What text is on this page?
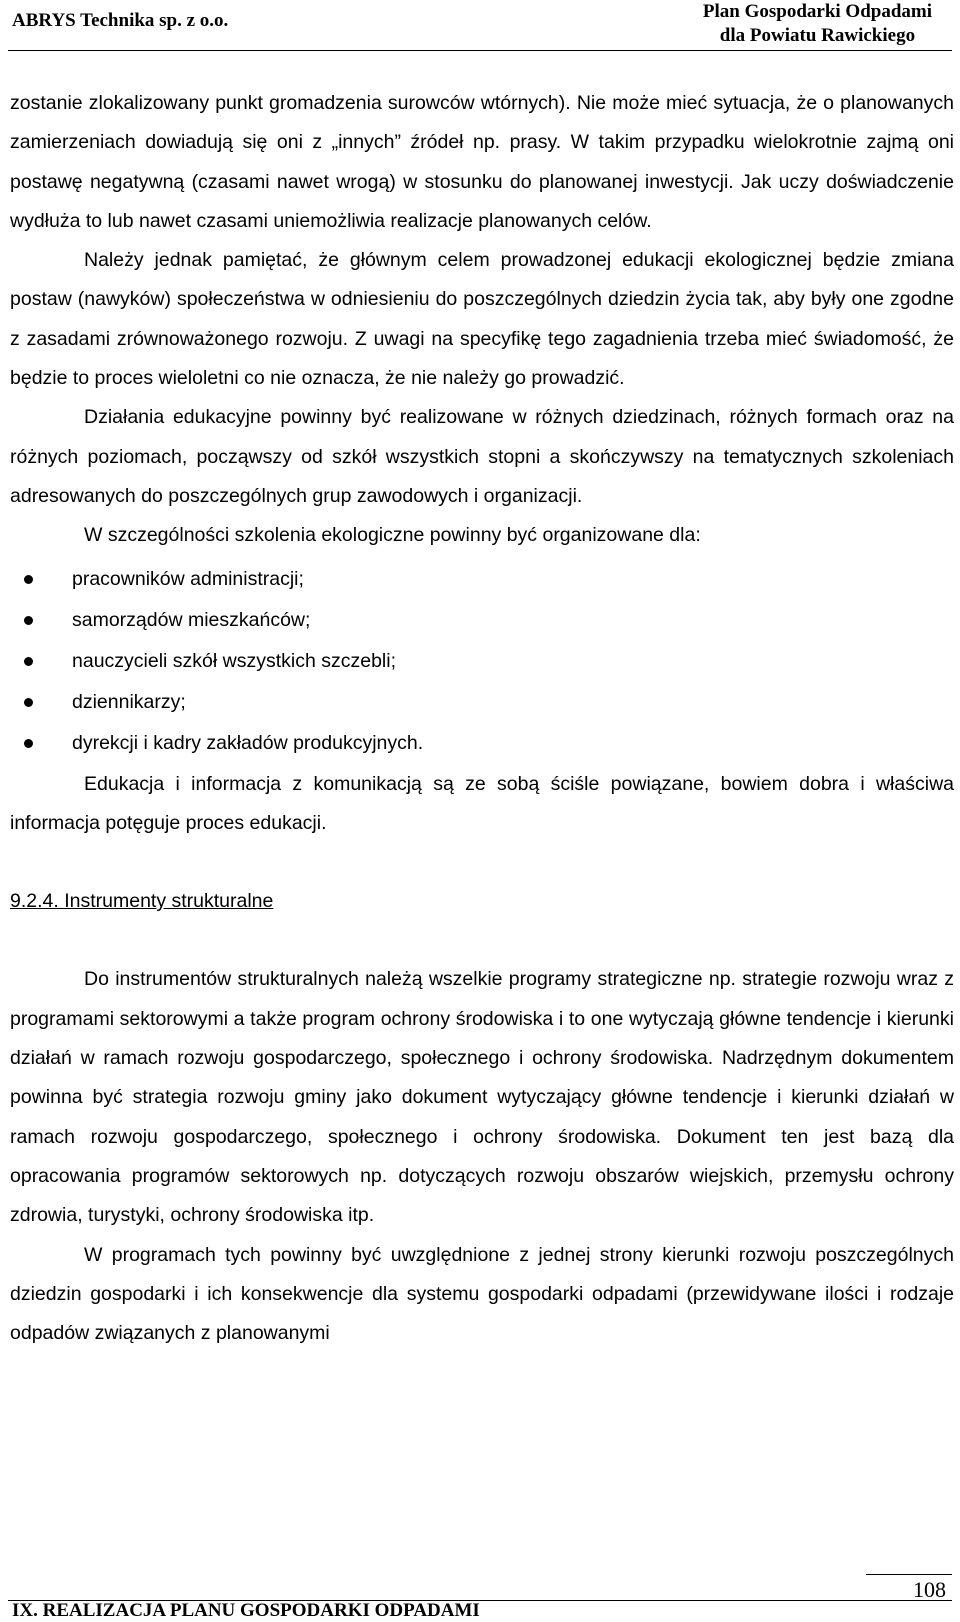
ABRYS Technika sp. z o.o.	Plan Gospodarki Odpadami
dla Powiatu Rawickiego

zostanie zlokalizowany punkt gromadzenia surowców wtórnych). Nie może mieć sytuacja, że o planowanych zamierzeniach dowiadują się oni z „innych” źródeł np. prasy. W takim przypadku wielokrotnie zajmą oni postawę negatywną (czasami nawet wrogą) w stosunku do planowanej inwestycji. Jak uczy doświadczenie wydłuża to lub nawet czasami uniemożliwia realizacje planowanych celów.

Należy jednak pamiętać, że głównym celem prowadzonej edukacji ekologicznej będzie zmiana postaw (nawyków) społeczeństwa w odniesieniu do poszczególnych dziedzin życia tak, aby były one zgodne z zasadami zrównoważonego rozwoju. Z uwagi na specyfikę tego zagadnienia trzeba mieć świadomość, że będzie to proces wieloletni co nie oznacza, że nie należy go prowadzić.

Działania edukacyjne powinny być realizowane w różnych dziedzinach, różnych formach oraz na różnych poziomach, począwszy od szkół wszystkich stopni a skończywszy na tematycznych szkoleniach adresowanych do poszczególnych grup zawodowych i organizacji.

W szczególności szkolenia ekologiczne powinny być organizowane dla:

pracowników administracji;
samorządów mieszkańców;
nauczycieli szkół wszystkich szczebli;
dziennikarzy;
dyrekcji i kadry zakładów produkcyjnych.

Edukacja i informacja z komunikacją są ze sobą ściśle powiązane, bowiem dobra i właściwa informacja potęguje proces edukacji.

9.2.4. Instrumenty strukturalne

Do instrumentów strukturalnych należą wszelkie programy strategiczne np. strategie rozwoju wraz z programami sektorowymi a także program ochrony środowiska i to one wytyczają główne tendencje i kierunki działań w ramach rozwoju gospodarczego, społecznego i ochrony środowiska. Nadrzędnym dokumentem powinna być strategia rozwoju gminy jako dokument wytyczający główne tendencje i kierunki działań w ramach rozwoju gospodarczego, społecznego i ochrony środowiska. Dokument ten jest bazą dla opracowania programów sektorowych np. dotyczących rozwoju obszarów wiejskich, przemysłu ochrony zdrowia, turystyki, ochrony środowiska itp.

W programach tych powinny być uwzględnione z jednej strony kierunki rozwoju poszczególnych dziedzin gospodarki i ich konsekwencje dla systemu gospodarki odpadami (przewidywane ilości i rodzaje odpadów związanych z planowanymi

108
IX. REALIZACJA PLANU GOSPODARKI ODPADAMI
